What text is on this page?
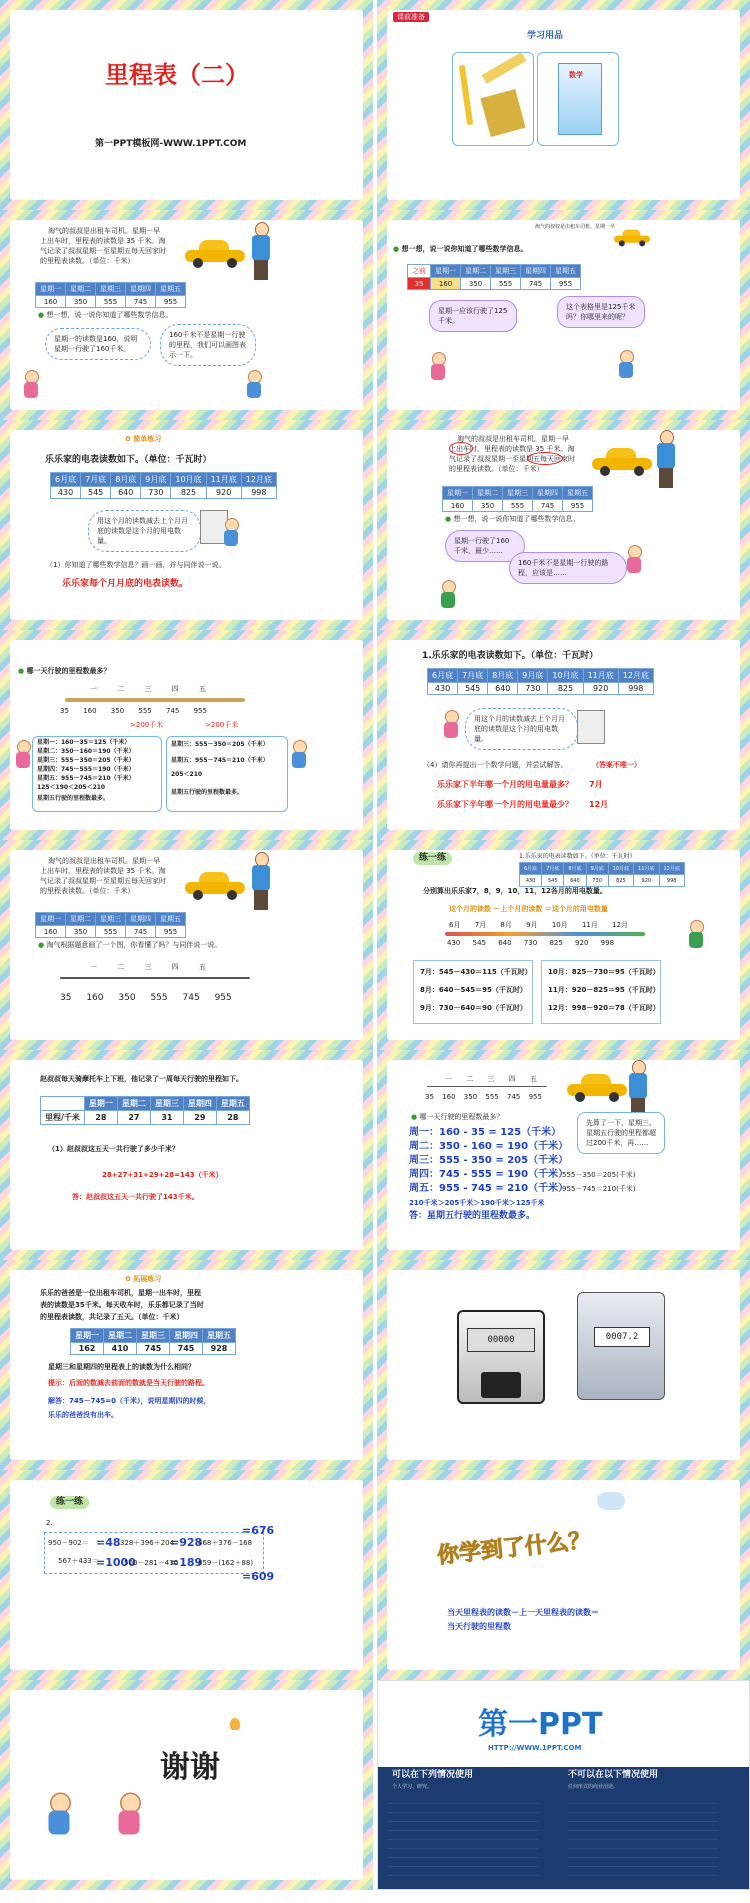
里程表（二）
第一PPT模板网-WWW.1PPT.COM
课前准备
学习用品
数学
淘气的叔叔是出租车司机。星期一早
上出车时，里程表的读数是 35 千米。淘
气记录了叔叔星期一至星期五每天回家时
的里程表读数。（单位：千米）
星期一	星期二	星期三	星期四	星期五
160	350	555	745	955
● 想一想，说一说你知道了哪些数学信息。
星期一的读数是160，说明星期一行驶了160千米。
160千米不是星期一行驶的里程，我们可以画图表示一下。
淘气的叔叔是出租车司机。星期一早
● 想一想，说一说你知道了哪些数学信息。
之前	星期一	星期二	星期三	星期四	星期五
35	160	350	555	745	955
星期一应该行驶了125千米。
这个表格里是125千米吗？你哪里来的呢？
✿ 简单练习
乐乐家的电表读数如下。（单位：千瓦时）
6月底	7月底	8月底	9月底	10月底	11月底	12月底
430	545	640	730	825	920	998
用这个月的读数减去上个月月底的读数是这个月的用电数量。
（1）你知道了哪些数学信息？画一画，并与同伴说一说。
乐乐家每个月月底的电表读数。
淘气的叔叔是出租车司机。星期一早
上出车时，里程表的读数是 35 千米。淘
气记录了叔叔星期一至星期五每天回家时
的里程表读数。（单位：千米）
星期一	星期二	星期三	星期四	星期五
160	350	555	745	955
● 想一想，说一说你知道了哪些数学信息。
星期一行驶了160千米，最少……
160千米不是星期一行驶的路程，应该是……
● 哪一天行驶的里程数最多？
一	二	三	四	五
35 160 350 555 745 955
>200千米	>200千米
星期一：160－35＝125（千米）
星期二：350－160＝190（千米）
星期三：555－350＝205（千米）
星期四：745－555＝190（千米）
星期五：955－745＝210（千米）
125＜190＜205＜210
星期五行驶的里程数最多。
星期三：555－350＝205（千米）
星期五：955－745＝210（千米）
205＜210
星期五行驶的里程数最多。
1.乐乐家的电表读数如下。（单位：千瓦时）
6月底	7月底	8月底	9月底	10月底	11月底	12月底
430	545	640	730	825	920	998
用这个月的读数减去上个月月底的读数是这个月的用电数量。
（4）请你再提出一个数学问题，并尝试解答。	（答案不唯一）
乐乐家下半年哪一个月的用电量最多？　　 7月
乐乐家下半年哪一个月的用电量最少？　　 12月
淘气的叔叔是出租车司机。星期一早
上出车时，里程表的读数是 35 千米。淘
气记录了叔叔星期一至星期五每天回家时
的里程表读数。（单位：千米）
星期一	星期二	星期三	星期四	星期五
160	350	555	745	955
● 淘气根据题意画了一个图，你看懂了吗？与同伴说一说。
一	二	三	四	五
35 160 350 555 745 955
练一练	1.乐乐家的电表读数如下。（单位：千瓦时）
6月底	7月底	8月底	9月底	10月底	11月底	12月底
430	545	640	730	825	920	998
分别算出乐乐家7，8，9，10，11，12各月的用电数量。
这个月的读数 －上个月的读数 ＝这个月的用电数量
6月 7月 8月 9月 10月 11月 12月
430 545 640 730 825 920 998
7月：545－430＝115（千瓦时）
8月：640－545＝95（千瓦时）
9月：730－640＝90（千瓦时）
10月：825－730＝95（千瓦时）
11月：920－825＝95（千瓦时）
12月：998－920＝78（千瓦时）
赵叔叔每天骑摩托车上下班，他记录了一周每天行驶的里程如下。
	星期一	星期二	星期三	星期四	星期五
里程/千米	28	27	31	29	28
（1）赵叔叔这五天一共行驶了多少千米？
28+27+31+29+28=143（千米）
答：赵叔叔这五天一共行驶了143千米。
一 二 三 四 五
35 160 350 555 745 955
● 哪一天行驶的里程数最多？
先算了一下，星期三、星期五行驶的里程都超过200千米，再……
周一：160 - 35 = 125（千米）
周二：350 - 160 = 190（千米）
周三：555 - 350 = 205（千米）
周四：745 - 555 = 190（千米）
周五：955 - 745 = 210（千米）
555－350＝205(千米)
955－745＝210(千米)
210千米＞205千米＞190千米＞125千米
答：星期五行驶的里程数最多。
✿ 拓展练习
乐乐的爸爸是一位出租车司机，星期一出车时，里程
表的读数是35千米。每天收车时，乐乐都记录了当时
的里程表读数，共记录了五天。（单位：千米）
星期一	星期二	星期三	星期四	星期五
162	410	745	745	928
星期三和星期四的里程表上的读数为什么相同？
提示：后面的数减去前面的数就是当天行驶的路程。
解答：745－745=0（千米），说明星期四的时候，
乐乐的爸爸没有出车。
00000	0007.2
练一练
2.
950－902＝ =48 328＋396＋204
=928
468＋376－168
=676
567＋433＝
=1000
500－281－430
=189
859－(162＋88)
=609
你学到了什么？
当天里程表的读数－上一天里程表的读数＝
当天行驶的里程数
谢谢
第一PPT
HTTP://WWW.1PPT.COM
可以在下列情况使用
个人学习、研究。
不可以在以下情况使用
任何形式的商业用途。
